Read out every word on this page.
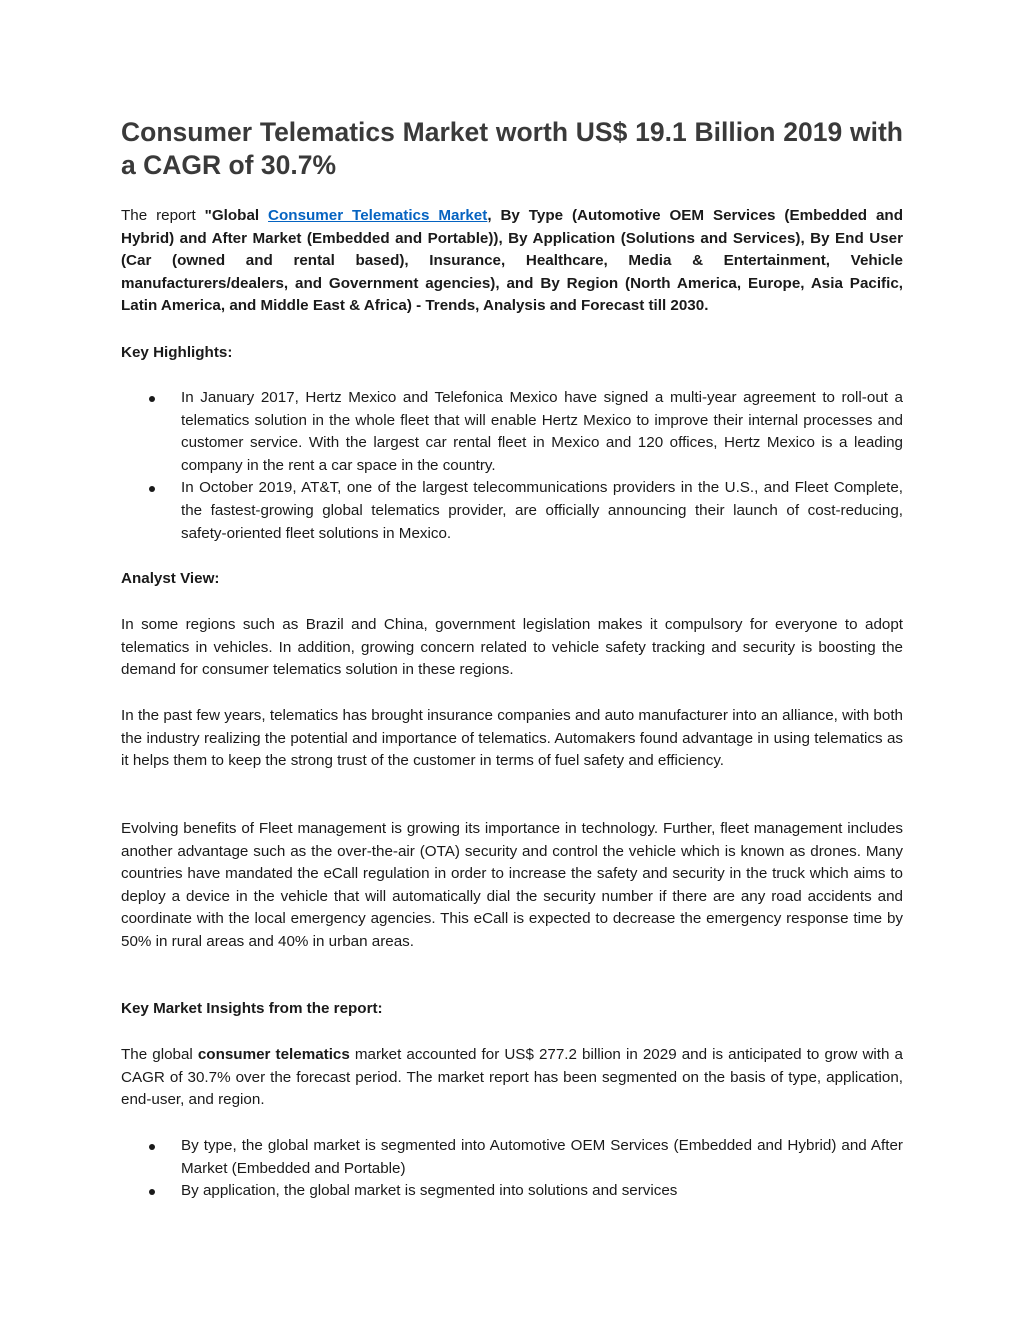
Consumer Telematics Market worth US$ 19.1 Billion 2019 with a CAGR of 30.7%

The report "Global Consumer Telematics Market, By Type (Automotive OEM Services (Embedded and Hybrid) and After Market (Embedded and Portable)), By Application (Solutions and Services), By End User (Car (owned and rental based), Insurance, Healthcare, Media & Entertainment, Vehicle manufacturers/dealers, and Government agencies), and By Region (North America, Europe, Asia Pacific, Latin America, and Middle East & Africa) - Trends, Analysis and Forecast till 2030.

Key Highlights:

In January 2017, Hertz Mexico and Telefonica Mexico have signed a multi-year agreement to roll-out a telematics solution in the whole fleet that will enable Hertz Mexico to improve their internal processes and customer service. With the largest car rental fleet in Mexico and 120 offices, Hertz Mexico is a leading company in the rent a car space in the country.
In October 2019, AT&T, one of the largest telecommunications providers in the U.S., and Fleet Complete, the fastest-growing global telematics provider, are officially announcing their launch of cost-reducing, safety-oriented fleet solutions in Mexico.

Analyst View:

In some regions such as Brazil and China, government legislation makes it compulsory for everyone to adopt telematics in vehicles. In addition, growing concern related to vehicle safety tracking and security is boosting the demand for consumer telematics solution in these regions.

In the past few years, telematics has brought insurance companies and auto manufacturer into an alliance, with both the industry realizing the potential and importance of telematics. Automakers found advantage in using telematics as it helps them to keep the strong trust of the customer in terms of fuel safety and efficiency.

Evolving benefits of Fleet management is growing its importance in technology. Further, fleet management includes another advantage such as the over-the-air (OTA) security and control the vehicle which is known as drones. Many countries have mandated the eCall regulation in order to increase the safety and security in the truck which aims to deploy a device in the vehicle that will automatically dial the security number if there are any road accidents and coordinate with the local emergency agencies. This eCall is expected to decrease the emergency response time by 50% in rural areas and 40% in urban areas.

Key Market Insights from the report:

The global consumer telematics market accounted for US$ 277.2 billion in 2029 and is anticipated to grow with a CAGR of 30.7% over the forecast period. The market report has been segmented on the basis of type, application, end-user, and region.

By type, the global market is segmented into Automotive OEM Services (Embedded and Hybrid) and After Market (Embedded and Portable)
By application, the global market is segmented into solutions and services
